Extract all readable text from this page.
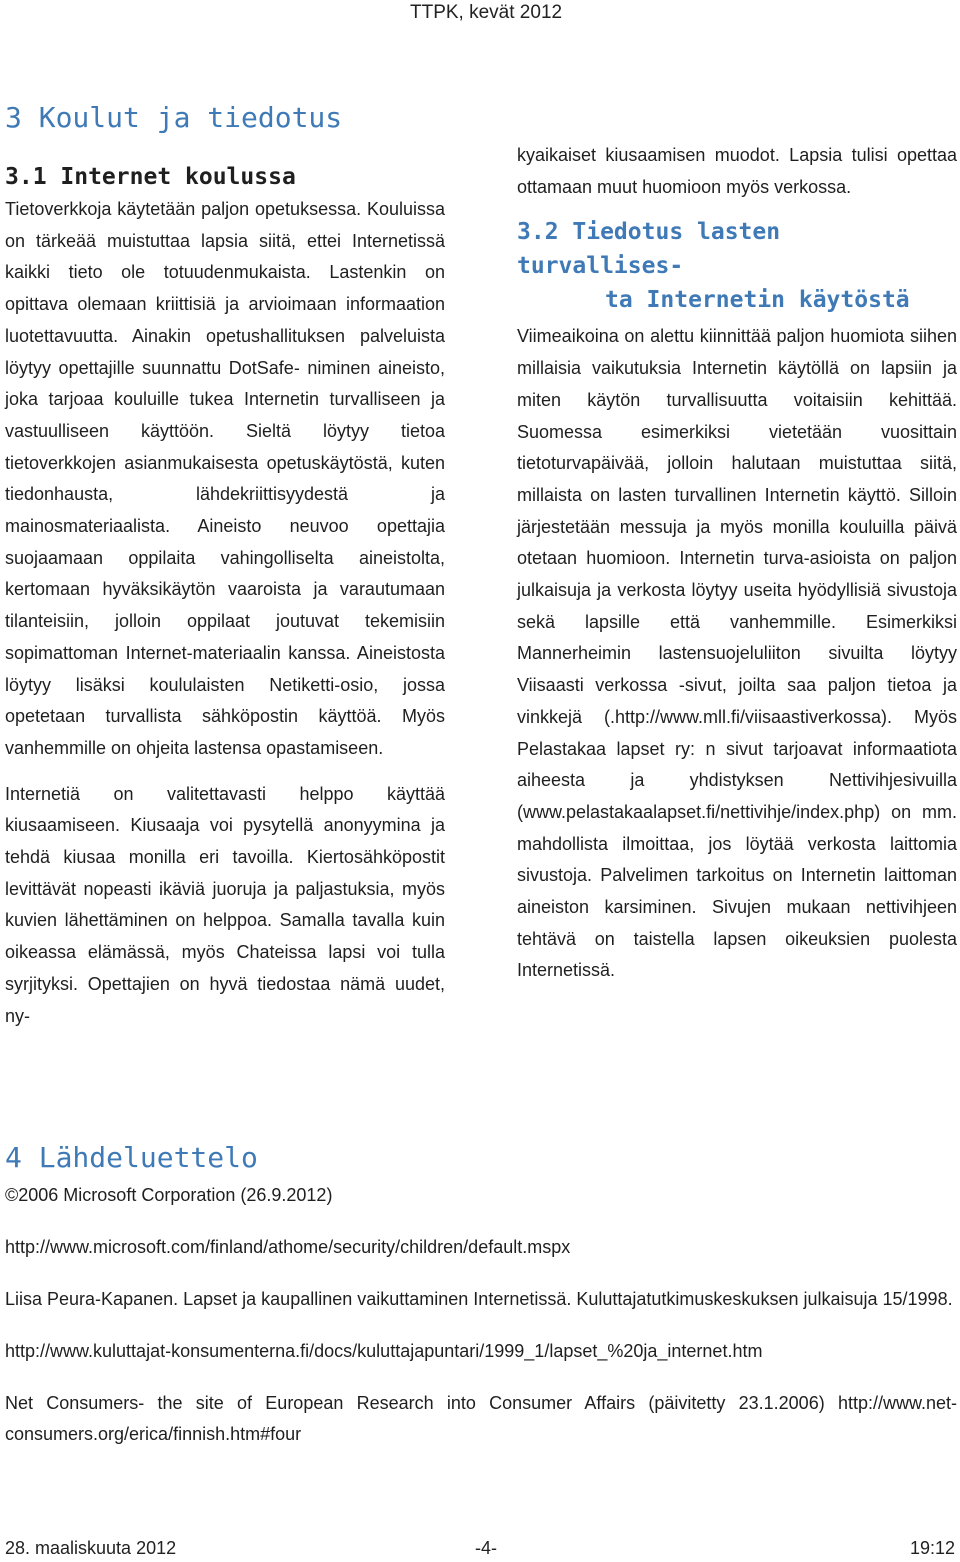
TTPK, kevät 2012
3 Koulut ja tiedotus
3.1 Internet koulussa

Tietoverkkoja käytetään paljon opetuksessa. Kouluissa on tärkeää muistuttaa lapsia siitä, ettei Internetissä kaikki tieto ole totuudenmukaista. Lastenkin on opittava olemaan kriittisiä ja arvioimaan informaation luotettavuutta. Ainakin opetushallituksen palveluista löytyy opettajille suunnattu DotSafe- niminen aineisto, joka tarjoaa kouluille tukea Internetin turvalliseen ja vastuulliseen käyttöön. Sieltä löytyy tietoa tietoverkkojen asianmukaisesta opetuskäytöstä, kuten tiedonhausta, lähdekriittisyydestä ja mainosmateriaalista. Aineisto neuvoo opettajia suojaamaan oppilaita vahingolliselta aineistolta, kertomaan hyväksikäytön vaaroista ja varautumaan tilanteisiin, jolloin oppilaat joutuvat tekemisiin sopimattoman Internet-materiaalin kanssa. Aineistosta löytyy lisäksi koululaisten Netiketti-osio, jossa opetetaan turvallista sähköpostin käyttöä. Myös vanhemmille on ohjeita lastensa opastamiseen.

Internetiä on valitettavasti helppo käyttää kiusaamiseen. Kiusaaja voi pysytellä anonyymina ja tehdä kiusaa monilla eri tavoilla. Kiertosähköpostit levittävät nopeasti ikäviä juoruja ja paljastuksia, myös kuvien lähettäminen on helppoa. Samalla tavalla kuin oikeassa elämässä, myös Chateissa lapsi voi tulla syrjityksi. Opettajien on hyvä tiedostaa nämä uudet, ny-

kyaikaiset kiusaamisen muodot. Lapsia tulisi opettaa ottamaan muut huomioon myös verkossa.

3.2 Tiedotus lasten turvallises-
ta Internetin käytöstä

Viimeaikoina on alettu kiinnittää paljon huomiota siihen millaisia vaikutuksia Internetin käytöllä on lapsiin ja miten käytön turvallisuutta voitaisiin kehittää. Suomessa esimerkiksi vietetään vuosittain tietoturvapäivää, jolloin halutaan muistuttaa siitä, millaista on lasten turvallinen Internetin käyttö. Silloin järjestetään messuja ja myös monilla kouluilla päivä otetaan huomioon. Internetin turva-asioista on paljon julkaisuja ja verkosta löytyy useita hyödyllisiä sivustoja sekä lapsille että vanhemmille. Esimerkiksi Mannerheimin lastensuojeluliiton sivuilta löytyy Viisaasti verkossa -sivut, joilta saa paljon tietoa ja vinkkejä (.http://www.mll.fi/viisaastiverkossa). Myös Pelastakaa lapset ry: n sivut tarjoavat informaatiota aiheesta ja yhdistyksen Nettivihjesivuilla (www.pelastakaalapset.fi/nettivihje/index.php) on mm. mahdollista ilmoittaa, jos löytää verkosta laittomia sivustoja. Palvelimen tarkoitus on Internetin laittoman aineiston karsiminen. Sivujen mukaan nettivihjeen tehtävä on taistella lapsen oikeuksien puolesta Internetissä.

4 Lähdeluettelo

©2006 Microsoft Corporation (26.9.2012)

http://www.microsoft.com/finland/athome/security/children/default.mspx

Liisa Peura-Kapanen. Lapset ja kaupallinen vaikuttaminen Internetissä. Kuluttajatutkimuskeskuksen julkaisuja 15/1998.

http://www.kuluttajat-konsumenterna.fi/docs/kuluttajapuntari/1999_1/lapset_%20ja_internet.htm

Net Consumers- the site of European Research into Consumer Affairs (päivitetty 23.1.2006) http://www.net-consumers.org/erica/finnish.htm#four

28. maaliskuuta 2012	-4-	19:12
